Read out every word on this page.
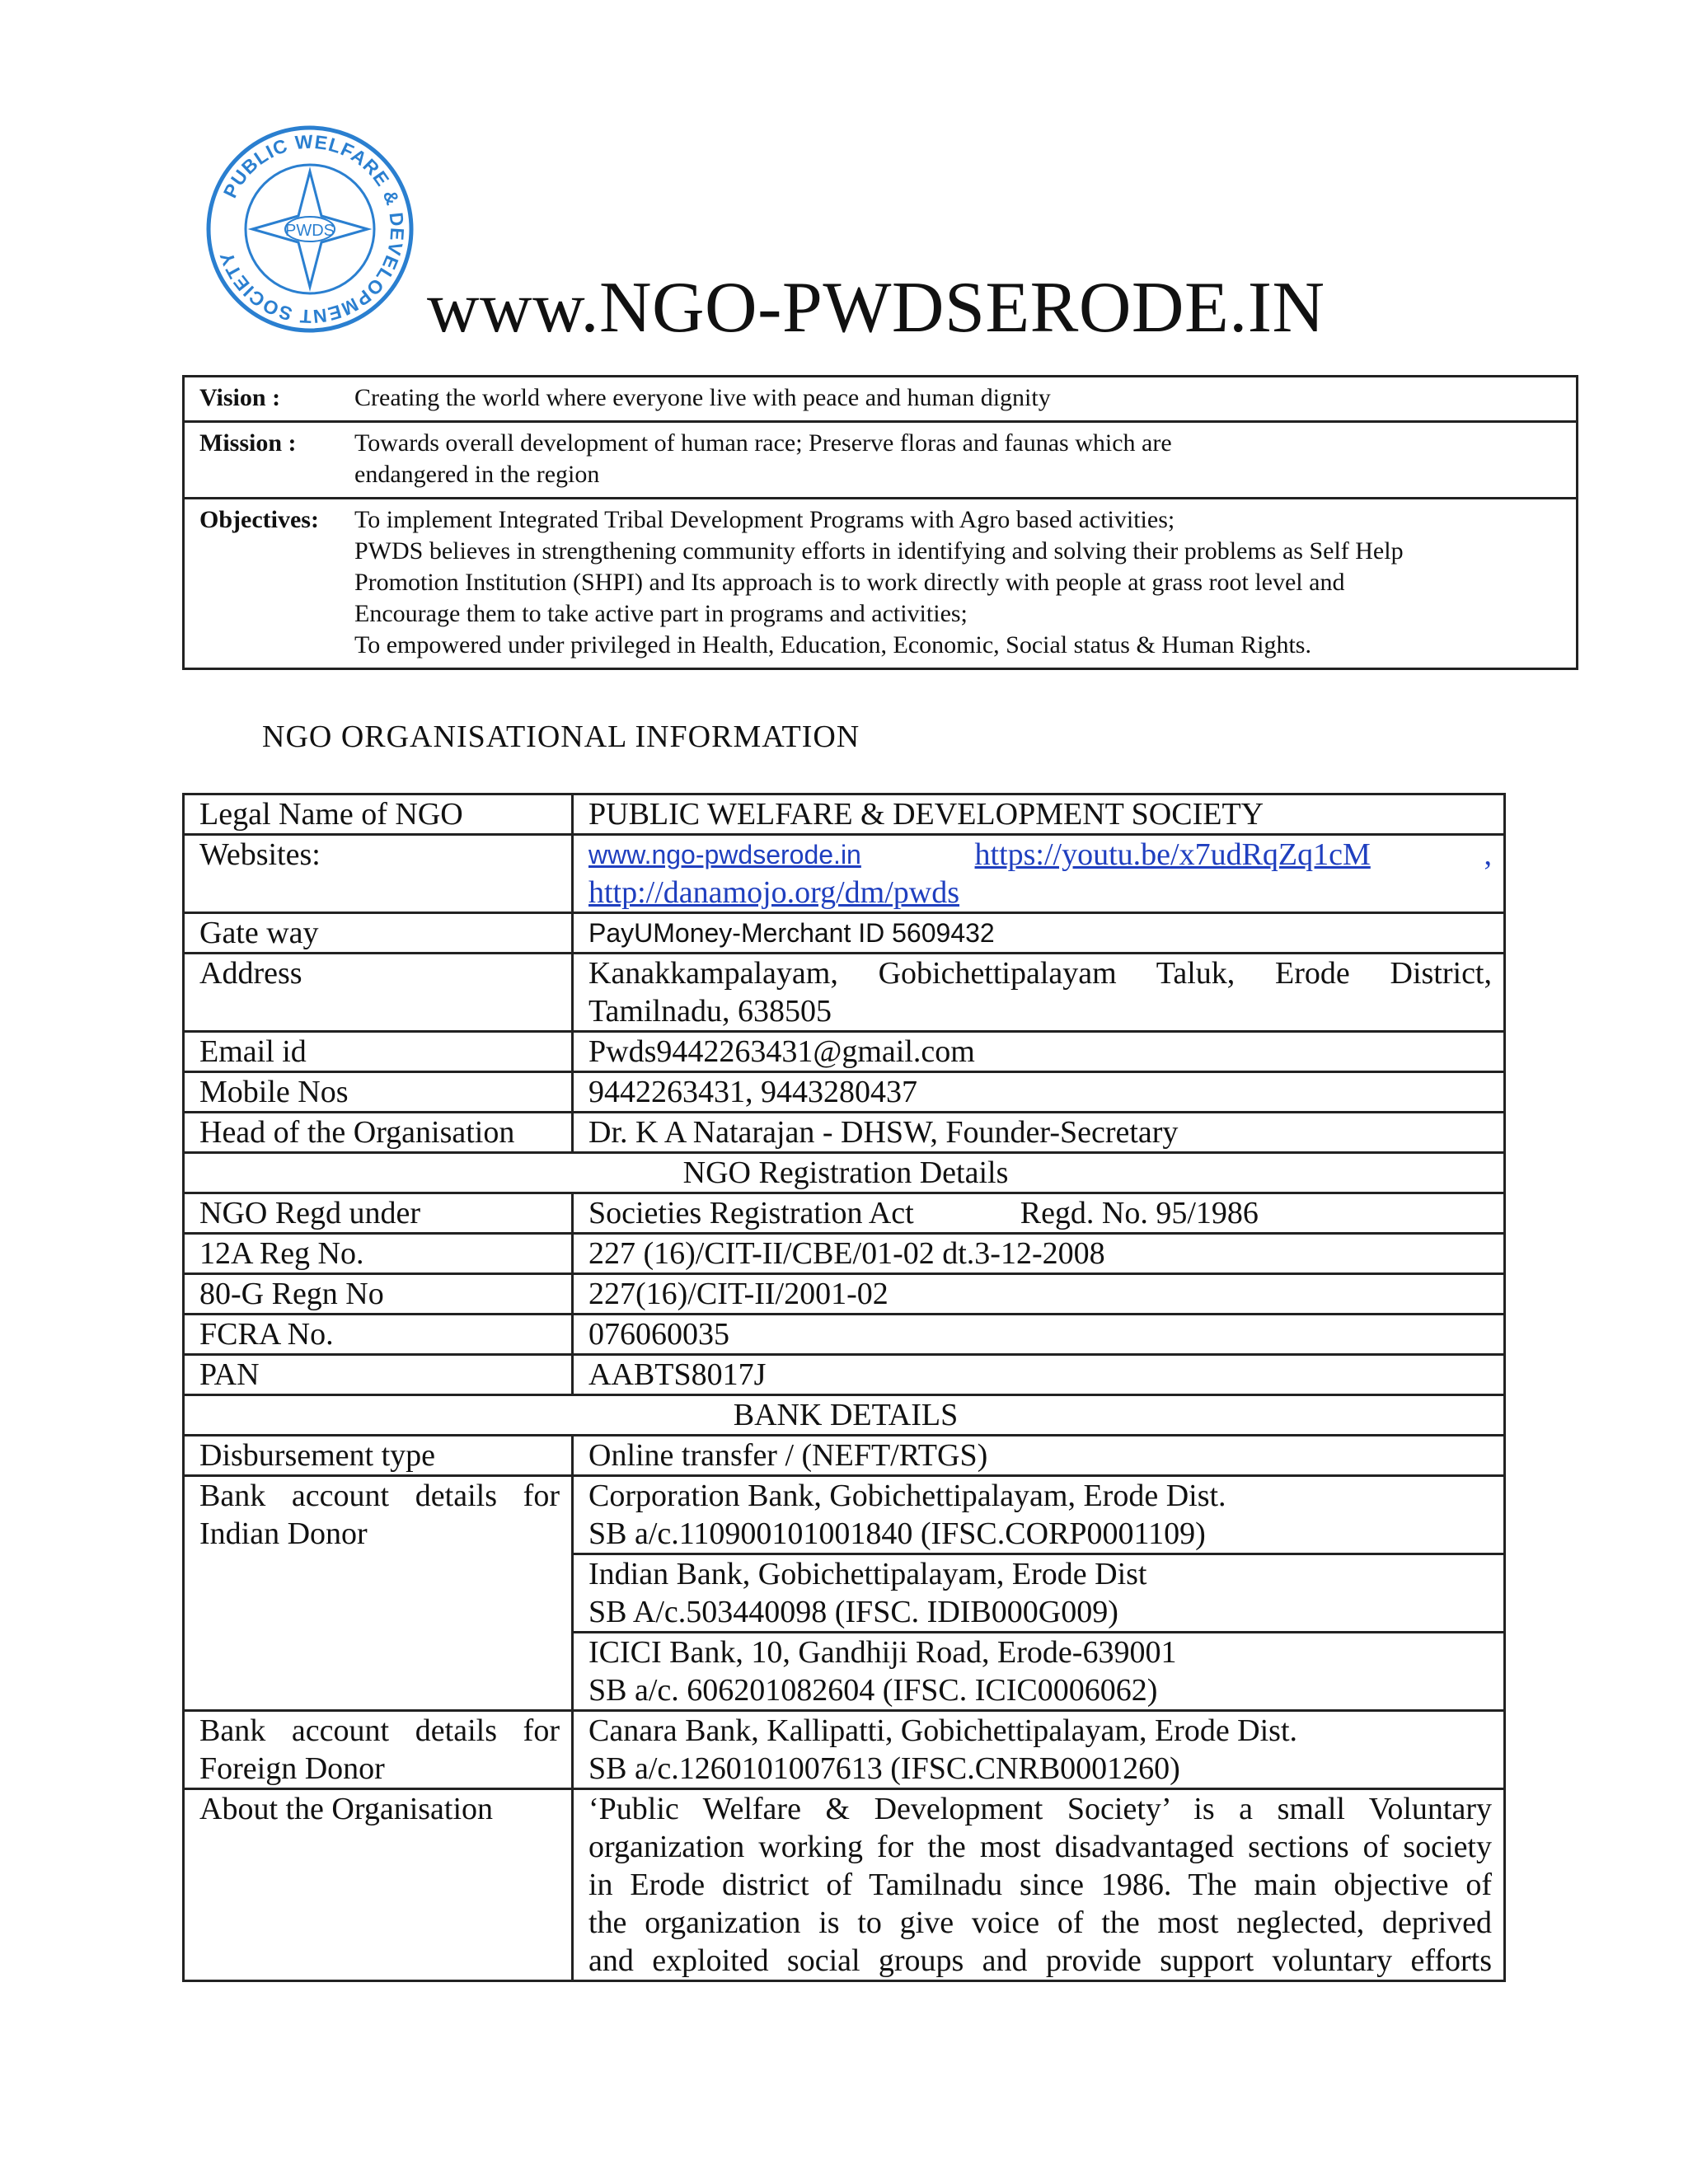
PUBLIC WELFARE & DEVELOPMENT SOCIETY
PWDS
www.NGO-PWDSERODE.IN
Vision :	Creating the world where everyone live with peace and human dignity
Mission :	Towards overall development of human race; Preserve floras and faunas which are
endangered in the region

Objectives:	To implement Integrated Tribal Development Programs with Agro based activities;
PWDS believes in strengthening community efforts in identifying and solving their problems as Self Help
Promotion Institution (SHPI) and Its approach is to work directly with people at grass root level and
Encourage them to take active part in programs and activities;
To empowered under privileged in Health, Education, Economic, Social status & Human Rights.
NGO ORGANISATIONAL INFORMATION
Legal Name of NGO	PUBLIC WELFARE & DEVELOPMENT SOCIETY
Websites:	www.ngo-pwdserode.in https://youtu.be/x7udRqZq1cM ,
http://danamojo.org/dm/pwds
Gate way	PayUMoney-Merchant ID 5609432
Address	Kanakkampalayam, Gobichettipalayam Taluk, Erode District,
Tamilnadu, 638505

Email id	Pwds9442263431@gmail.com
Mobile Nos	9442263431, 9443280437
Head of the Organisation	Dr. K A Natarajan - DHSW, Founder-Secretary
NGO Registration Details	
NGO Regd under	Societies Registration Act Regd. No. 95/1986
12A Reg No.	227 (16)/CIT-II/CBE/01-02 dt.3-12-2008
80-G Regn No	227(16)/CIT-II/2001-02
FCRA No.	076060035
PAN	AABTS8017J
BANK DETAILS	
Disbursement type	Online transfer / (NEFT/RTGS)

Bank account details for
Indian Donor	Corporation Bank, Gobichettipalayam, Erode Dist.
SB a/c.110900101001840 (IFSC.CORP0001109)

	Indian Bank, Gobichettipalayam, Erode Dist
SB A/c.503440098 (IFSC. IDIB000G009)

	ICICI Bank, 10, Gandhiji Road, Erode-639001
SB a/c. 606201082604 (IFSC. ICIC0006062)

Bank account details for
Foreign Donor	Canara Bank, Kallipatti, Gobichettipalayam, Erode Dist.
SB a/c.1260101007613 (IFSC.CNRB0001260)

About the Organisation	‘Public Welfare & Development Society’ is a small Voluntary
organization working for the most disadvantaged sections of society
in Erode district of Tamilnadu since 1986. The main objective of
the organization is to give voice of the most neglected, deprived
and exploited social groups and provide support voluntary efforts
